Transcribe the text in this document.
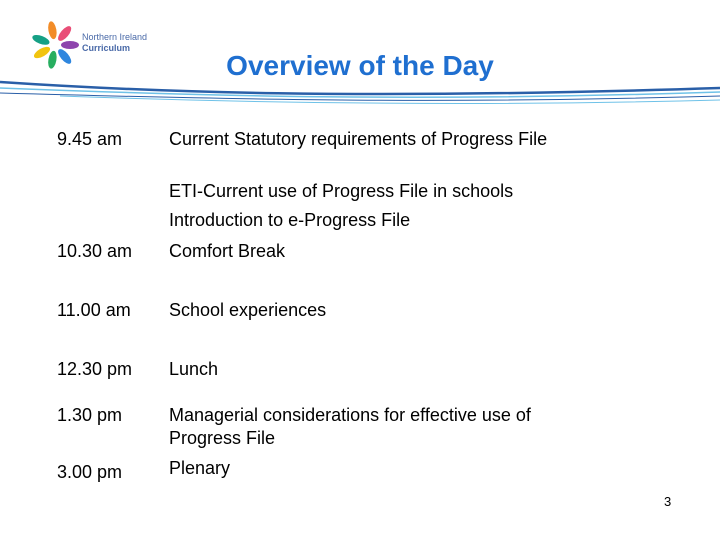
Northern Ireland
Curriculum
Overview of the Day
9.45 am	Current Statutory requirements of Progress File
ETI-Current use of Progress File in schools
Introduction to e-Progress File
10.30 am Comfort Break
11.00 am School experiences
12.30 pm Lunch
1.30 pm	Managerial considerations for effective use of Progress File
3.00 pm	Plenary
3
